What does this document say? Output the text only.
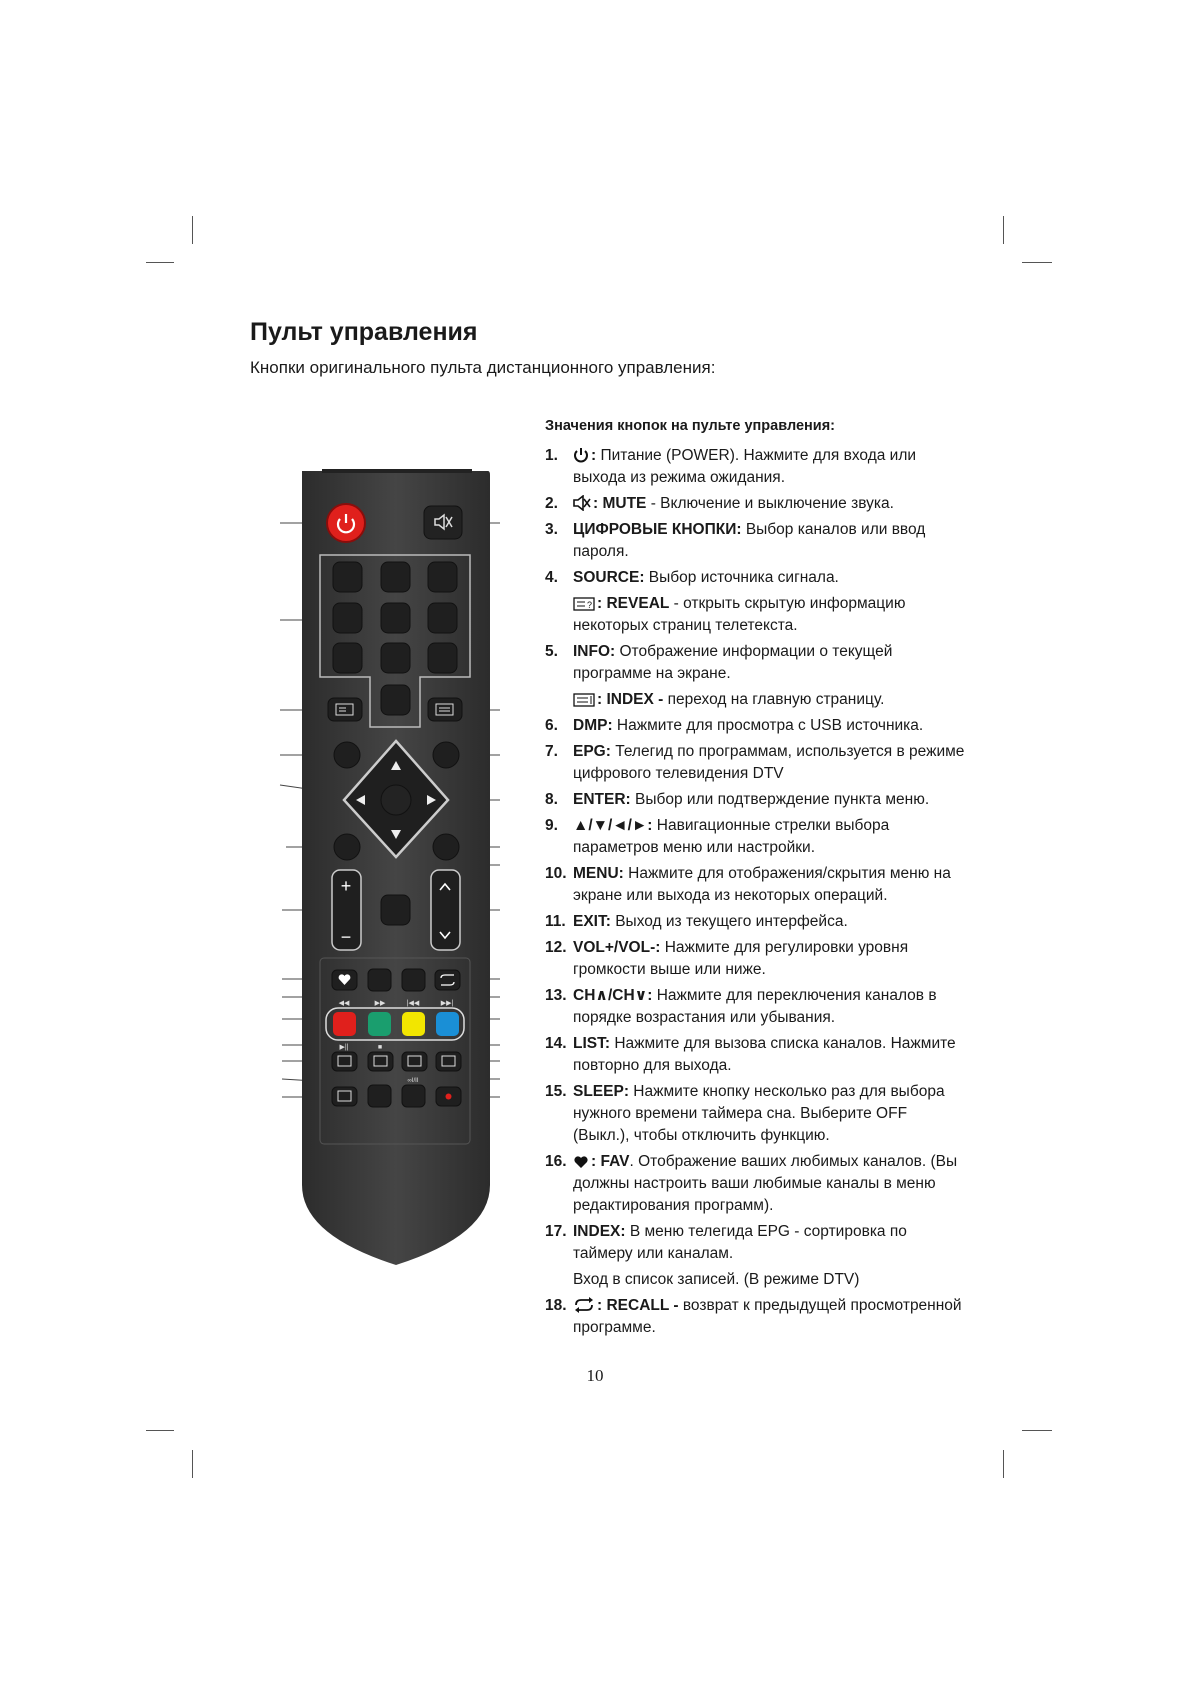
Пульт управления

Кнопки оригинального пульта дистанционного управления:

+
−
◀◀	▶▶	|◀◀	▶▶|
▶||	■
∞I/II
Значения кнопок на пульте управления:
1.	: Питание (POWER). Нажмите для входа или выхода из режима ожидания.
2.	: MUTE - Включение и выключение звука.
3. ЦИФРОВЫЕ КНОПКИ: Выбор каналов или ввод пароля.
4. SOURCE: Выбор источника сигнала.
? : REVEAL - открыть скрытую информацию некоторых страниц телетекста.
5. INFO: Отображение информации о текущей программе на экране.
: INDEX - переход на главную страницу.
6. DMP: Нажмите для просмотра с USB источника.
7. EPG: Телегид по программам, используется в режиме цифрового телевидения DTV
8. ENTER: Выбор или подтверждение пункта меню.
9. ▲/▼/◄/►: Навигационные стрелки выбора параметров меню или настройки.
10. MENU: Нажмите для отображения/скрытия меню на экране или выхода из некоторых операций.
11. EXIT: Выход из текущего интерфейса.
12. VOL+/VOL-: Нажмите для регулировки уровня громкости выше или ниже.
13. CH∧/CH∨: Нажмите для переключения каналов в порядке возрастания или убывания.
14. LIST: Нажмите для вызова списка каналов. Нажмите повторно для выхода.
15. SLEEP: Нажмите кнопку несколько раз для выбора нужного времени таймера сна. Выберите OFF (Выкл.), чтобы отключить функцию.
16.	: FAV. Отображение ваших любимых каналов. (Вы должны настроить ваши любимые каналы в меню редактирования программ).
17. INDEX: В меню телегида EPG - сортировка по таймеру или каналам.
Вход в список записей. (В режиме DTV)
18.	: RECALL - возврат к предыдущей просмотренной программе.

10
